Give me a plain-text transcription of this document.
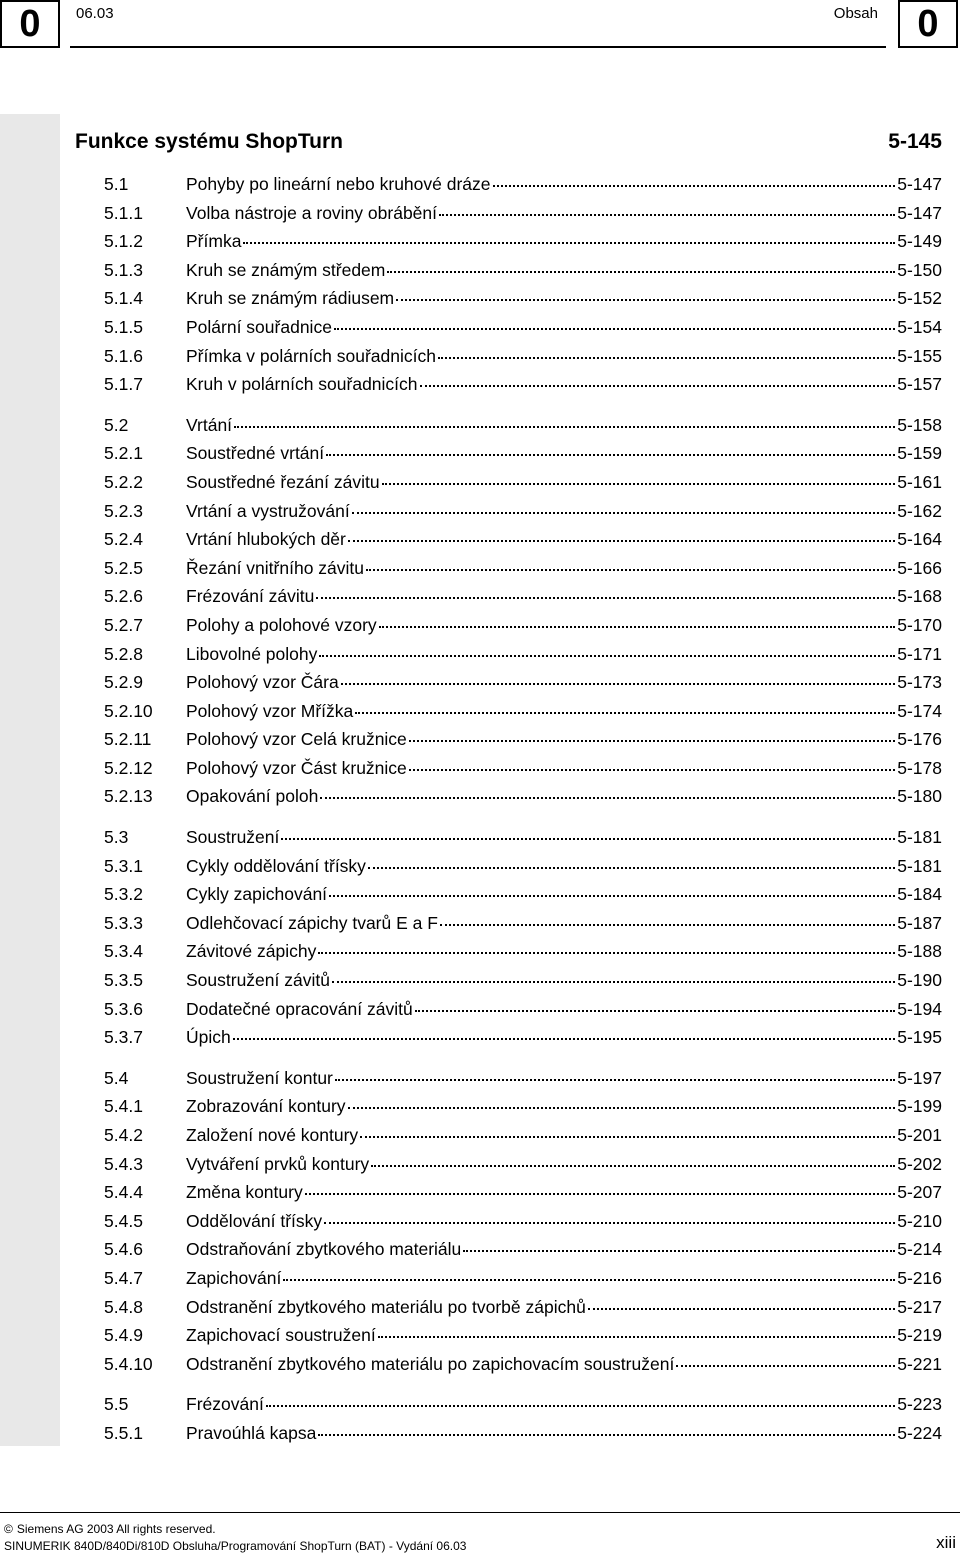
0	06.03	Obsah	0
Funkce systému ShopTurn	5-145
5.1	Pohyby po lineární nebo kruhové dráze	5-147
5.1.1	Volba nástroje a roviny obrábění	5-147
5.1.2	Přímka	5-149
5.1.3	Kruh se známým středem	5-150
5.1.4	Kruh se známým rádiusem	5-152
5.1.5	Polární souřadnice	5-154
5.1.6	Přímka v polárních souřadnicích	5-155
5.1.7	Kruh v polárních souřadnicích	5-157
5.2	Vrtání	5-158
5.2.1	Soustředné vrtání	5-159
5.2.2	Soustředné řezání závitu	5-161
5.2.3	Vrtání a vystružování	5-162
5.2.4	Vrtání hlubokých děr	5-164
5.2.5	Řezání vnitřního závitu	5-166
5.2.6	Frézování závitu	5-168
5.2.7	Polohy a polohové vzory	5-170
5.2.8	Libovolné polohy	5-171
5.2.9	Polohový vzor Čára	5-173
5.2.10	Polohový vzor Mřížka	5-174
5.2.11	Polohový vzor Celá kružnice	5-176
5.2.12	Polohový vzor Část kružnice	5-178
5.2.13	Opakování poloh	5-180
5.3	Soustružení	5-181
5.3.1	Cykly oddělování třísky	5-181
5.3.2	Cykly zapichování	5-184
5.3.3	Odlehčovací zápichy tvarů E a F	5-187
5.3.4	Závitové zápichy	5-188
5.3.5	Soustružení závitů	5-190
5.3.6	Dodatečné opracování závitů	5-194
5.3.7	Úpich	5-195
5.4	Soustružení kontur	5-197
5.4.1	Zobrazování kontury	5-199
5.4.2	Založení nové kontury	5-201
5.4.3	Vytváření prvků kontury	5-202
5.4.4	Změna kontury	5-207
5.4.5	Oddělování třísky	5-210
5.4.6	Odstraňování zbytkového materiálu	5-214
5.4.7	Zapichování	5-216
5.4.8	Odstranění zbytkového materiálu po tvorbě zápichů	5-217
5.4.9	Zapichovací soustružení	5-219
5.4.10	Odstranění zbytkového materiálu po zapichovacím soustružení	5-221
5.5	Frézování	5-223
5.5.1	Pravoúhlá kapsa	5-224
© Siemens AG 2003 All rights reserved.
SINUMERIK 840D/840Di/810D Obsluha/Programování ShopTurn (BAT) - Vydání 06.03	xiii
